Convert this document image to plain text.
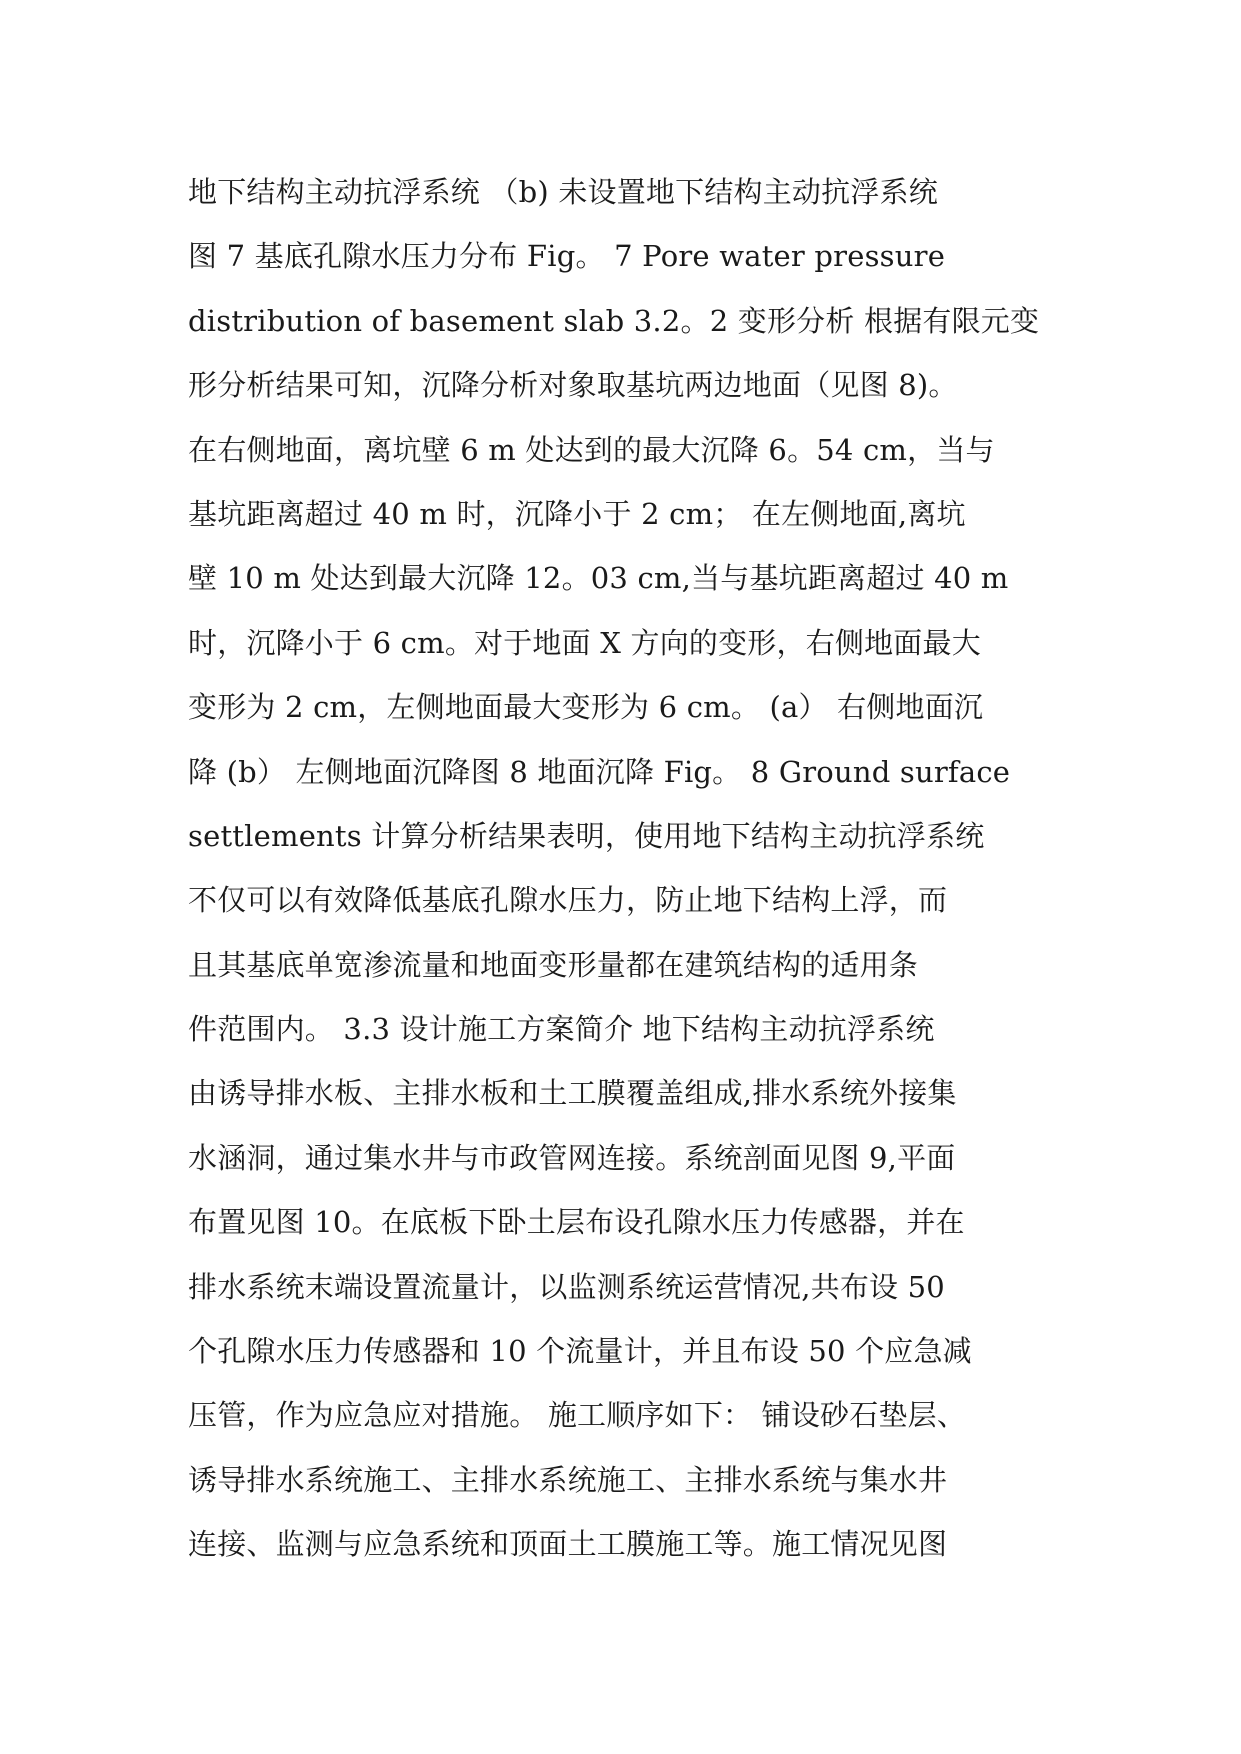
地下结构主动抗浮系统 （b) 未设置地下结构主动抗浮系统
图 7 基底孔隙水压力分布 Fig。 7 Pore water pressure
distribution of basement slab 3.2。2 变形分析 根据有限元变
形分析结果可知，沉降分析对象取基坑两边地面（见图 8)。
在右侧地面，离坑壁 6 m 处达到的最大沉降 6。54 cm，当与
基坑距离超过 40 m 时，沉降小于 2 cm； 在左侧地面,离坑
壁 10 m 处达到最大沉降 12。03 cm,当与基坑距离超过 40 m
时，沉降小于 6 cm。对于地面 X 方向的变形，右侧地面最大
变形为 2 cm，左侧地面最大变形为 6 cm。 (a） 右侧地面沉
降 (b） 左侧地面沉降图 8 地面沉降 Fig。 8 Ground surface
settlements 计算分析结果表明，使用地下结构主动抗浮系统
不仅可以有效降低基底孔隙水压力，防止地下结构上浮，而
且其基底单宽渗流量和地面变形量都在建筑结构的适用条
件范围内。 3.3 设计施工方案简介 地下结构主动抗浮系统
由诱导排水板、主排水板和土工膜覆盖组成,排水系统外接集
水涵洞，通过集水井与市政管网连接。系统剖面见图 9,平面
布置见图 10。在底板下卧土层布设孔隙水压力传感器，并在
排水系统末端设置流量计，以监测系统运营情况,共布设 50
个孔隙水压力传感器和 10 个流量计，并且布设 50 个应急减
压管，作为应急应对措施。 施工顺序如下： 铺设砂石垫层、
诱导排水系统施工、主排水系统施工、主排水系统与集水井
连接、监测与应急系统和顶面土工膜施工等。施工情况见图
